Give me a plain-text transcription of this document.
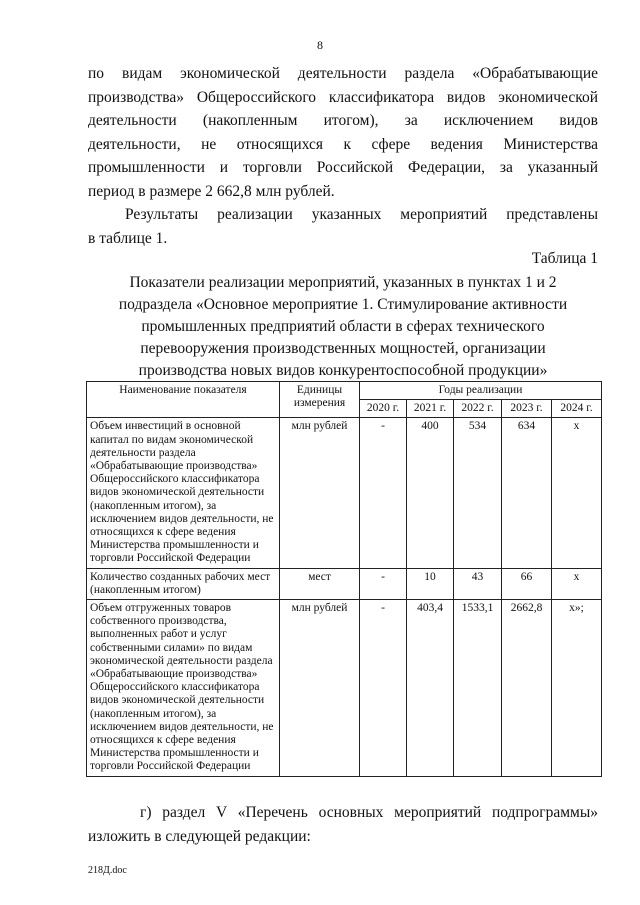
8
по видам экономической деятельности раздела «Обрабатывающие
производства» Общероссийского классификатора видов экономической
деятельности (накопленным итогом), за исключением видов
деятельности, не относящихся к сфере ведения Министерства
промышленности и торговли Российской Федерации, за указанный
период в размере 2 662,8 млн рублей.
Результаты реализации указанных мероприятий представлены
в таблице 1.
Таблица 1
Показатели реализации мероприятий, указанных в пунктах 1 и 2
подраздела «Основное мероприятие 1. Стимулирование активности
промышленных предприятий области в сферах технического
перевооружения производственных мощностей, организации
производства новых видов конкурентоспособной продукции»
Наименование показателя	Единицы измерения	Годы реализации				
		2020 г.	2021 г.	2022 г.	2023 г.	2024 г.
Объем инвестиций в основной капитал по видам экономической деятельности раздела «Обрабатывающие производства» Общероссийского классификатора видов экономической деятельности (накопленным итогом), за исключением видов деятельности, не относящихся к сфере ведения Министерства промышленности и торговли Российской Федерации	млн рублей	-	400	534	634	х
Количество созданных рабочих мест (накопленным итогом)	мест	-	10	43	66	х
Объем отгруженных товаров собственного производства, выполненных работ и услуг собственными силами» по видам экономической деятельности раздела «Обрабатывающие производства» Общероссийского классификатора видов экономической деятельности (накопленным итогом), за исключением видов деятельности, не относящихся к сфере ведения Министерства промышленности и торговли Российской Федерации	млн рублей	-	403,4	1533,1	2662,8	х»;
г) раздел V «Перечень основных мероприятий подпрограммы»
изложить в следующей редакции:
218Д.doc
